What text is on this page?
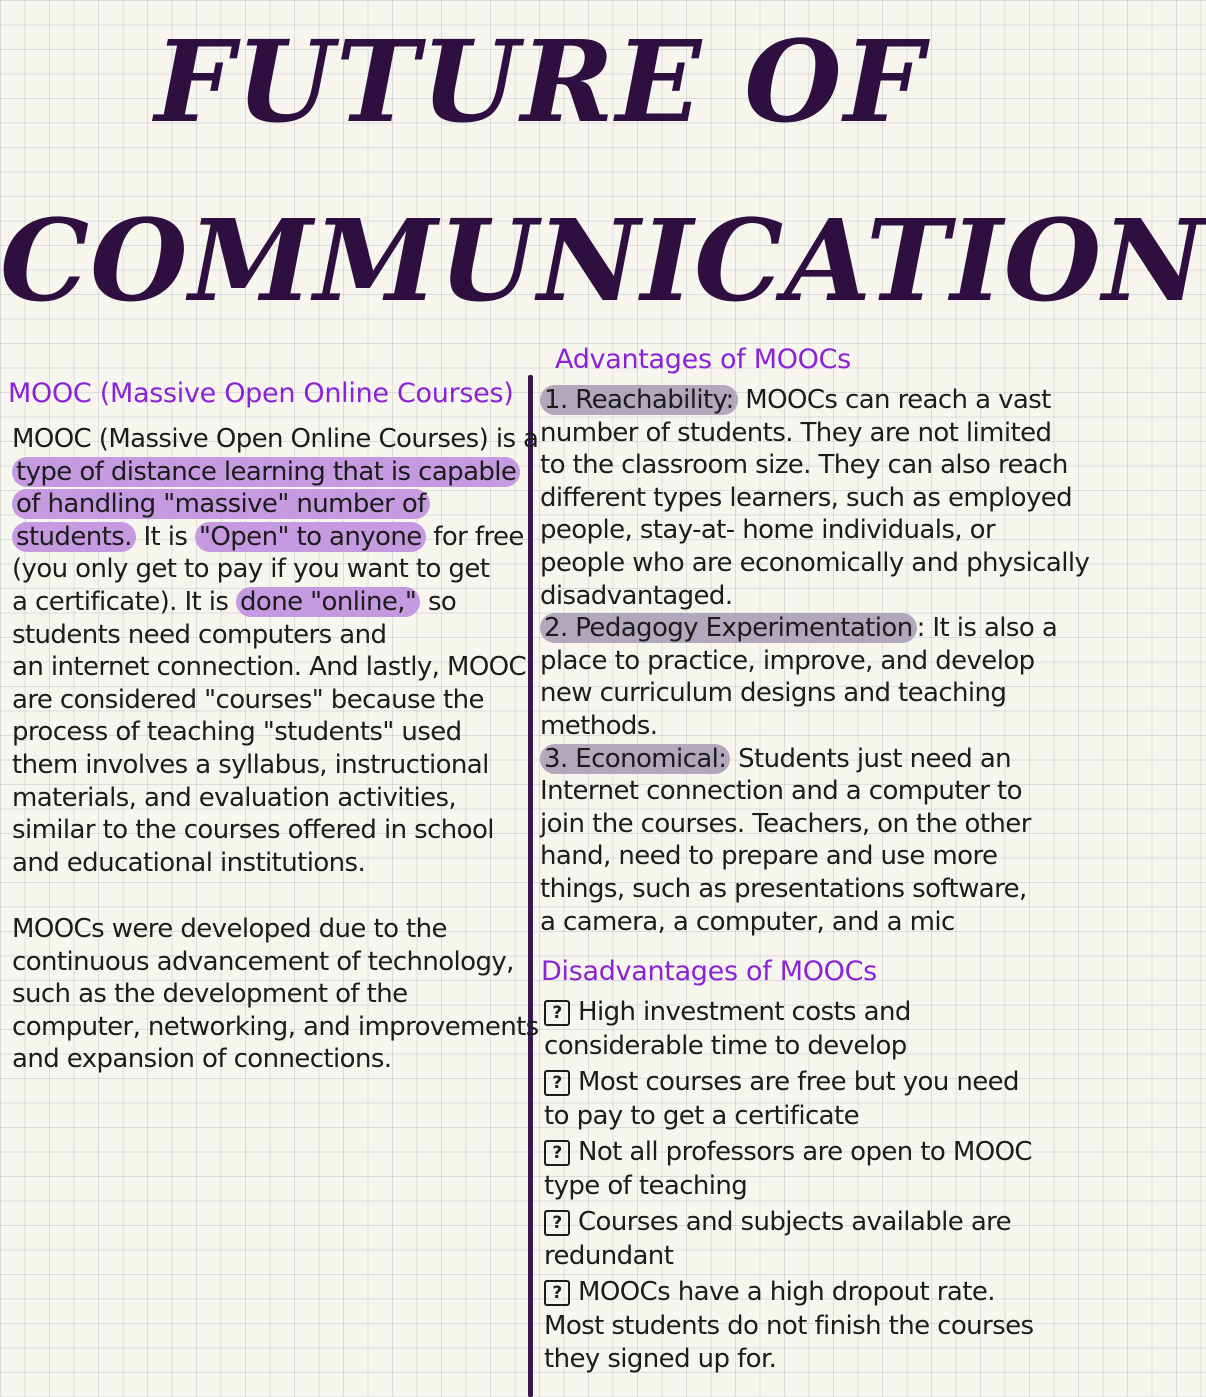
FUTURE OF
COMMUNICATION
MOOC (Massive Open Online Courses)
MOOC (Massive Open Online Courses) is a
type of distance learning that is capable
of handling "massive" number of
students. It is "Open" to anyone for free
(you only get to pay if you want to get
a certificate). It is done "online," so
students need computers and
an internet connection. And lastly, MOOC
are considered "courses" because the
process of teaching "students" used
them involves a syllabus, instructional
materials, and evaluation activities,
similar to the courses offered in school
and educational institutions.
MOOCs were developed due to the
continuous advancement of technology,
such as the development of the
computer, networking, and improvements
and expansion of connections.
Advantages of MOOCs
1. Reachability: MOOCs can reach a vast
number of students. They are not limited
to the classroom size. They can also reach
different types learners, such as employed
people, stay-at- home individuals, or
people who are economically and physically
disadvantaged.
2. Pedagogy Experimentation : It is also a
place to practice, improve, and develop
new curriculum designs and teaching
methods.
3. Economical: Students just need an
Internet connection and a computer to
join the courses. Teachers, on the other
hand, need to prepare and use more
things, such as presentations software,
a camera, a computer, and a mic
Disadvantages of MOOCs
? High investment costs and
considerable time to develop
? Most courses are free but you need
to pay to get a certificate
? Not all professors are open to MOOC
type of teaching
? Courses and subjects available are
redundant
? MOOCs have a high dropout rate.
Most students do not finish the courses
they signed up for.
